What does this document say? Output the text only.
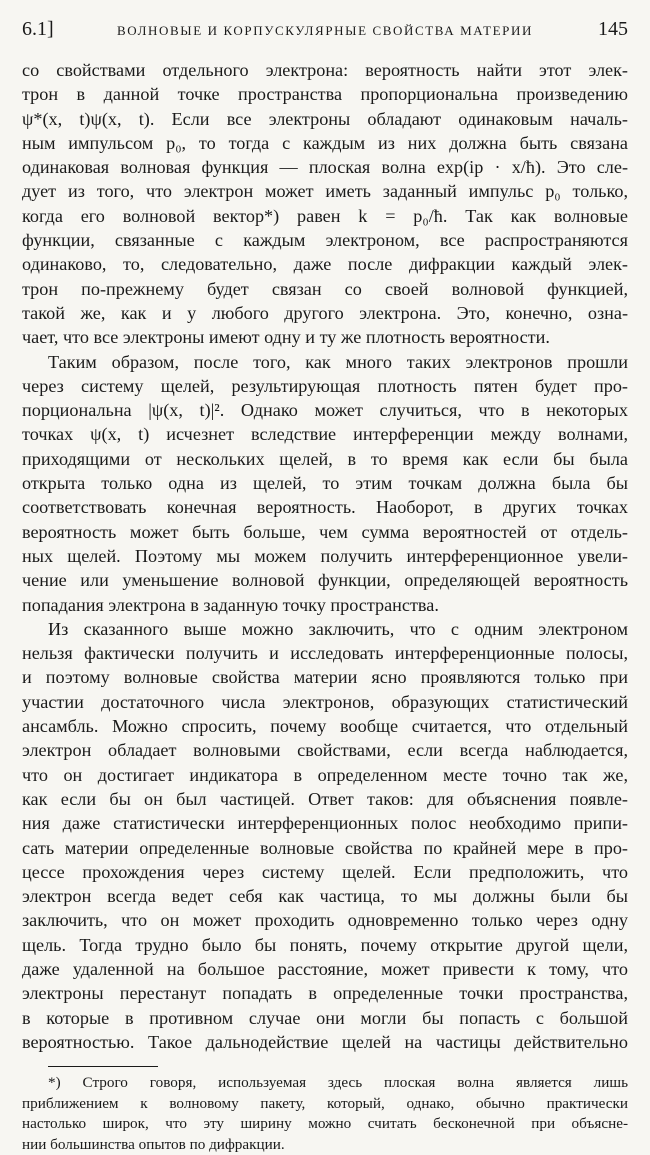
6.1]	ВОЛНОВЫЕ И КОРПУСКУЛЯРНЫЕ СВОЙСТВА МАТЕРИИ	145

со свойствами отдельного электрона: вероятность найти этот элек-
трон в данной точке пространства пропорциональна произведению
ψ*(x, t)ψ(x, t). Если все электроны обладают одинаковым началь-
ным импульсом p₀, то тогда с каждым из них должна быть связана
одинаковая волновая функция — плоская волна exp(ip · x/ħ). Это сле-
дует из того, что электрон может иметь заданный импульс p₀ только,
когда его волновой вектор*) равен k = p₀/ħ. Так как волновые
функции, связанные с каждым электроном, все распространяются
одинаково, то, следовательно, даже после дифракции каждый элек-
трон по-прежнему будет связан со своей волновой функцией,
такой же, как и у любого другого электрона. Это, конечно, озна-
чает, что все электроны имеют одну и ту же плотность вероятности.

Таким образом, после того, как много таких электронов прошли
через систему щелей, результирующая плотность пятен будет про-
порциональна |ψ(x, t)|². Однако может случиться, что в некоторых
точках ψ(x, t) исчезнет вследствие интерференции между волнами,
приходящими от нескольких щелей, в то время как если бы была
открыта только одна из щелей, то этим точкам должна была бы
соответствовать конечная вероятность. Наоборот, в других точках
вероятность может быть больше, чем сумма вероятностей от отдель-
ных щелей. Поэтому мы можем получить интерференционное увели-
чение или уменьшение волновой функции, определяющей вероятность
попадания электрона в заданную точку пространства.

Из сказанного выше можно заключить, что с одним электроном
нельзя фактически получить и исследовать интерференционные полосы,
и поэтому волновые свойства материи ясно проявляются только при
участии достаточного числа электронов, образующих статистический
ансамбль. Можно спросить, почему вообще считается, что отдельный
электрон обладает волновыми свойствами, если всегда наблюдается,
что он достигает индикатора в определенном месте точно так же,
как если бы он был частицей. Ответ таков: для объяснения появле-
ния даже статистически интерференционных полос необходимо припи-
сать материи определенные волновые свойства по крайней мере в про-
цессе прохождения через систему щелей. Если предположить, что
электрон всегда ведет себя как частица, то мы должны были бы
заключить, что он может проходить одновременно только через одну
щель. Тогда трудно было бы понять, почему открытие другой щели,
даже удаленной на большое расстояние, может привести к тому, что
электроны перестанут попадать в определенные точки пространства,
в которые в противном случае они могли бы попасть с большой
вероятностью. Такое дальнодействие щелей на частицы действительно

*) Строго говоря, используемая здесь плоская волна является лишь
приближением к волновому пакету, который, однако, обычно практически
настолько широк, что эту ширину можно считать бесконечной при объясне-
нии большинства опытов по дифракции.
